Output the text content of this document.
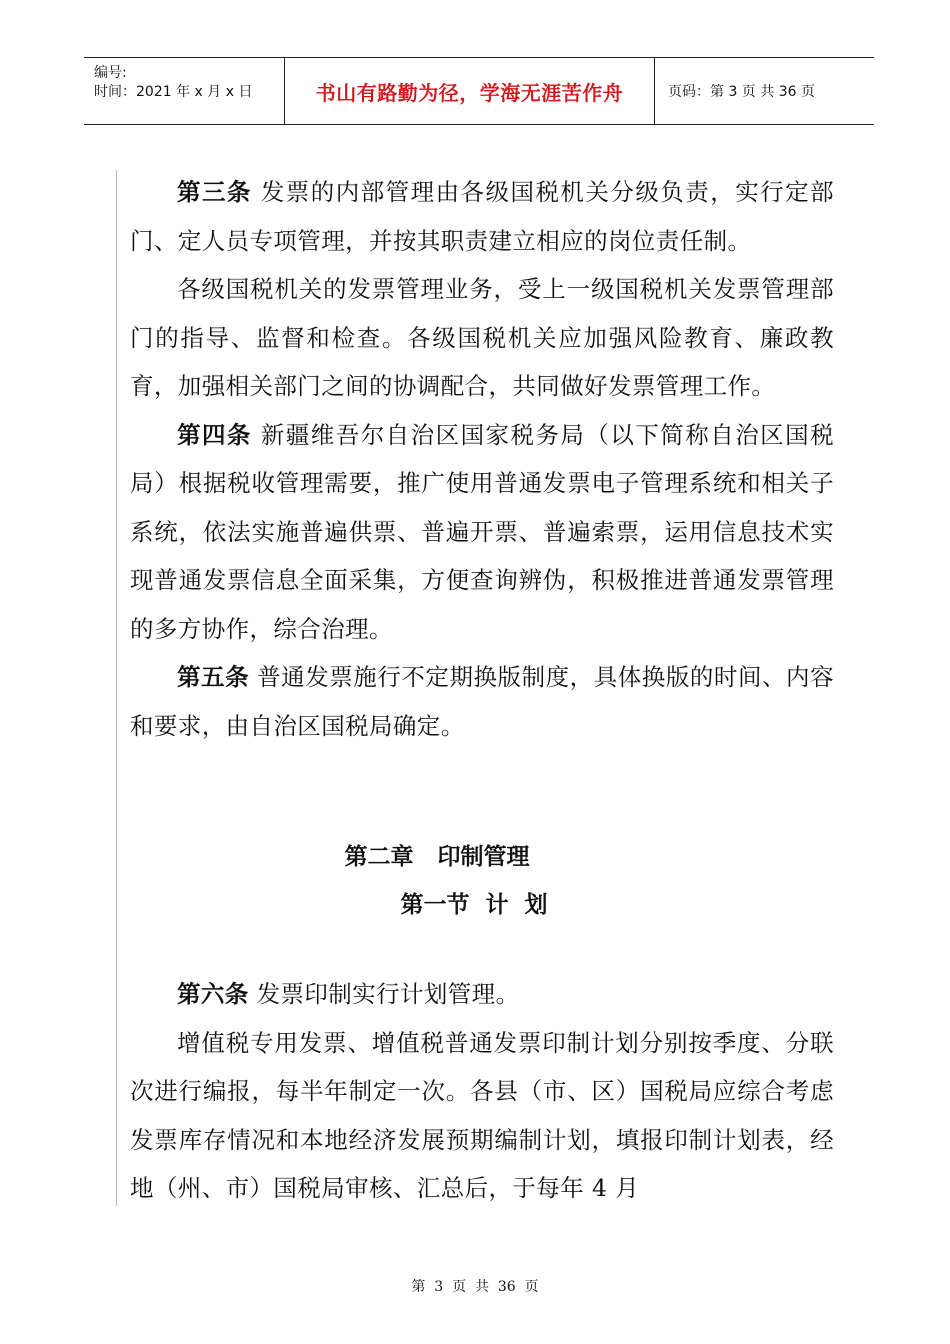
编号:
时间：2021 年 x 月 x 日	书山有路勤为径，学海无涯苦作舟	页码：第 3 页 共 36 页

第三条 发票的内部管理由各级国税机关分级负责，实行定部门、定人员专项管理，并按其职责建立相应的岗位责任制。

各级国税机关的发票管理业务，受上一级国税机关发票管理部门的指导、监督和检查。各级国税机关应加强风险教育、廉政教育，加强相关部门之间的协调配合，共同做好发票管理工作。

第四条 新疆维吾尔自治区国家税务局（以下简称自治区国税局）根据税收管理需要，推广使用普通发票电子管理系统和相关子系统，依法实施普遍供票、普遍开票、普遍索票，运用信息技术实现普通发票信息全面采集，方便查询辨伪，积极推进普通发票管理的多方协作，综合治理。

第五条 普通发票施行不定期换版制度，具体换版的时间、内容和要求，由自治区国税局确定。

第六条 发票印制实行计划管理。

增值税专用发票、增值税普通发票印制计划分别按季度、分联次进行编报，每半年制定一次。各县（市、区）国税局应综合考虑发票库存情况和本地经济发展预期编制计划，填报印制计划表，经地（州、市）国税局审核、汇总后，于每年 4 月

第二章   印制管理
第一节  计  划
第  3  页  共  36  页
